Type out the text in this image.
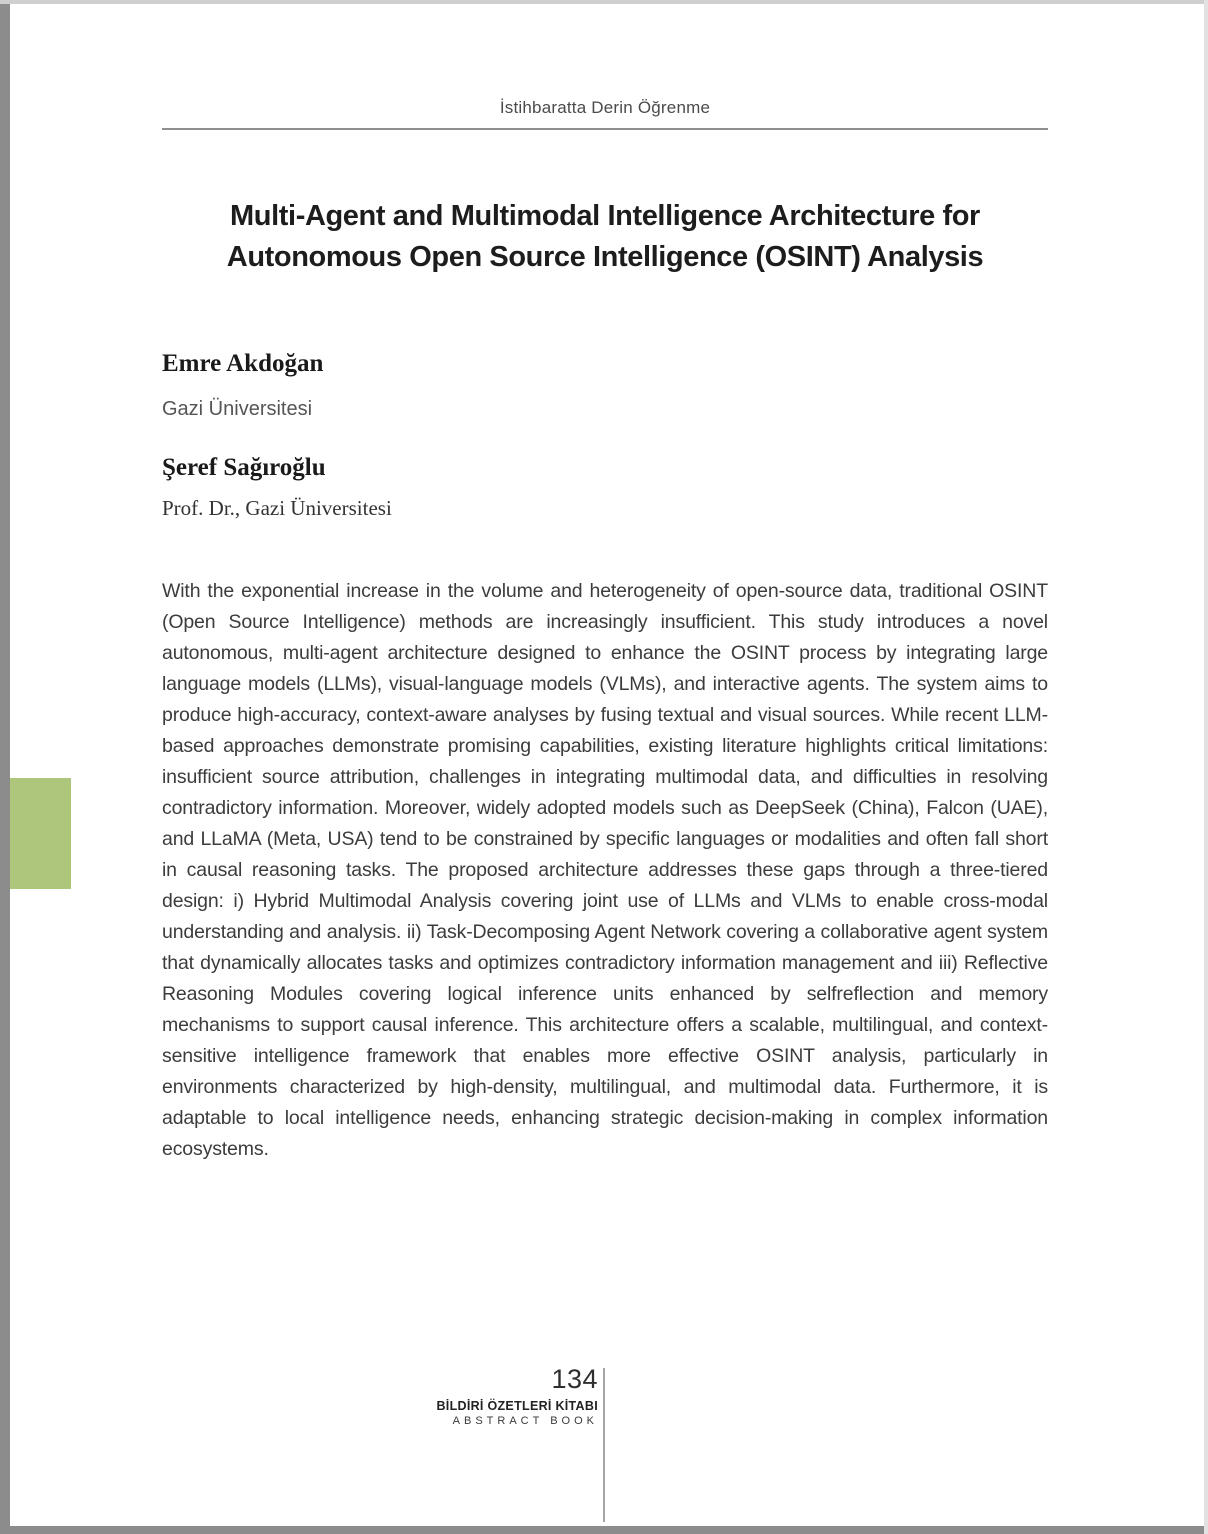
İstihbaratta Derin Öğrenme
Multi-Agent and Multimodal Intelligence Architecture for
Autonomous Open Source Intelligence (OSINT) Analysis
Emre Akdoğan
Gazi Üniversitesi
Şeref Sağıroğlu
Prof. Dr., Gazi Üniversitesi
With the exponential increase in the volume and heterogeneity of open-source data, traditional OSINT (Open Source Intelligence) methods are increasingly insufficient. This study introduces a novel autonomous, multi-agent architecture designed to enhance the OSINT process by integrating large language models (LLMs), visual-language models (VLMs), and interactive agents. The system aims to produce high-accuracy, context-aware analyses by fusing textual and visual sources. While recent LLM-based approaches demonstrate promising capabilities, existing literature highlights critical limitations: insufficient source attribution, challenges in integrating multimodal data, and difficulties in resolving contradictory information. Moreover, widely adopted models such as DeepSeek (China), Falcon (UAE), and LLaMA (Meta, USA) tend to be constrained by specific languages or modalities and often fall short in causal reasoning tasks. The proposed architecture addresses these gaps through a three-tiered design: i) Hybrid Multimodal Analysis covering joint use of LLMs and VLMs to enable cross-modal understanding and analysis. ii) Task-Decomposing Agent Network covering a collaborative agent system that dynamically allocates tasks and optimizes contradictory information management and iii) Reflective Reasoning Modules covering logical inference units enhanced by selfreflection and memory mechanisms to support causal inference. This architecture offers a scalable, multilingual, and context-sensitive intelligence framework that enables more effective OSINT analysis, particularly in environments characterized by high-density, multilingual, and multimodal data. Furthermore, it is adaptable to local intelligence needs, enhancing strategic decision-making in complex information ecosystems.
134
BİLDİRİ ÖZETLERİ KİTABI
ABSTRACT BOOK
